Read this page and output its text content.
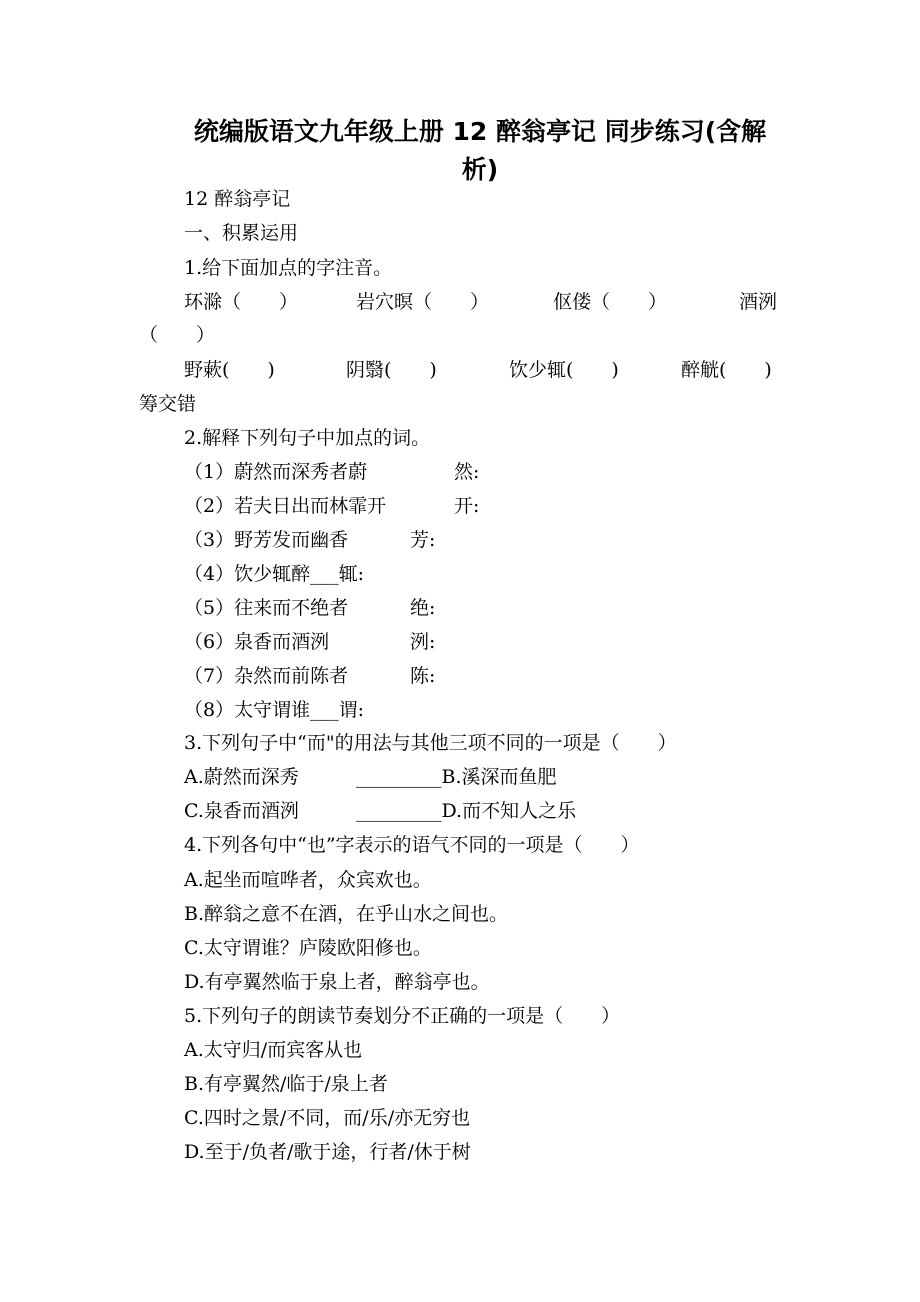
统编版语文九年级上册 12 醉翁亭记 同步练习(含解
析)
12 醉翁亭记
一、积累运用
1.给下面加点的字注音。
环滁（　　）	岩穴暝（　　）	伛偻（　　）	酒洌
（　　）
野蔌(　　)	阴翳(　　)	饮少辄(　　)	醉觥(　　)
筹交错
2.解释下列句子中加点的词。
（1）蔚然而深秀者蔚	然:
（2）若夫日出而林霏开	开:
（3）野芳发而幽香	芳:
（4）饮少辄醉___辄:
（5）往来而不绝者	绝:
（6）泉香而酒洌	洌:
（7）杂然而前陈者	陈:
（8）太守谓谁___谓:
3.下列句子中“而"的用法与其他三项不同的一项是（　　）
A.蔚然而深秀	_________B.溪深而鱼肥
C.泉香而酒洌	_________D.而不知人之乐
4.下列各句中“也”字表示的语气不同的一项是（　　）
A.起坐而喧哗者，众宾欢也。
B.醉翁之意不在酒，在乎山水之间也。
C.太守谓谁？庐陵欧阳修也。
D.有亭翼然临于泉上者，醉翁亭也。
5.下列句子的朗读节奏划分不正确的一项是（　　）
A.太守归/而宾客从也
B.有亭翼然/临于/泉上者
C.四时之景/不同，而/乐/亦无穷也
D.至于/负者/歌于途，行者/休于树
